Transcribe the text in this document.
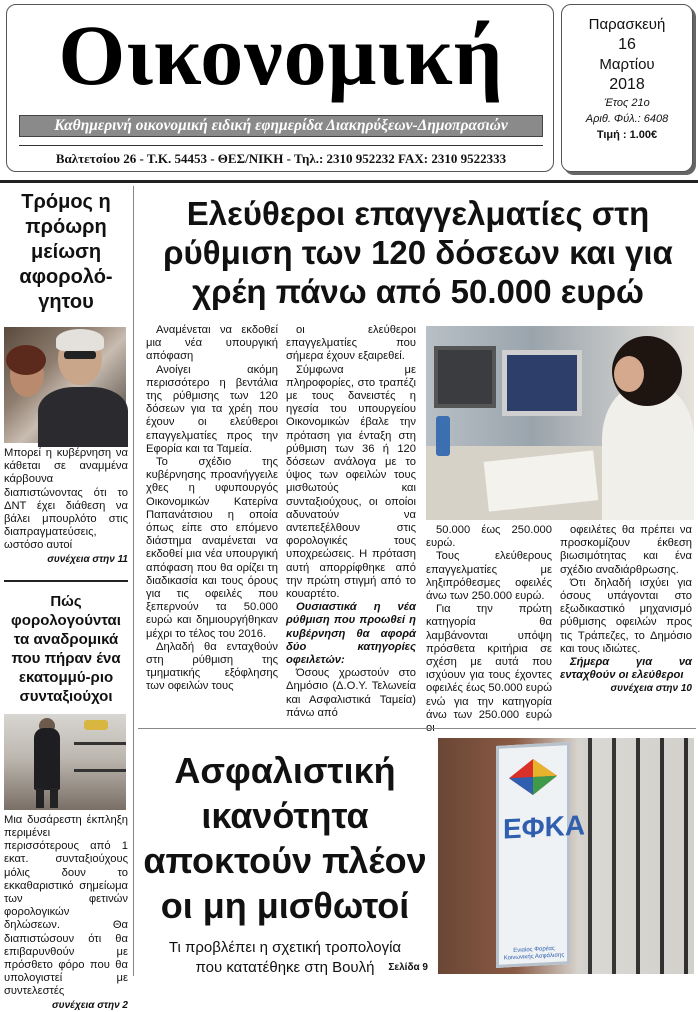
Οικονομική
Καθημερινή οικονομική ειδική εφημερίδα Διακηρύξεων-Δημοπρασιών
Βαλτετσίου 26 - Τ.Κ. 54453 - ΘΕΣ/ΝΙΚΗ - Τηλ.: 2310 952232 FAX: 2310 9522333
Παρασκευή
16
Μαρτίου
2018
Έτος 21ο
Αριθ. Φύλ.: 6408
Τιμή : 1.00€
Τρόμος η πρόωρη μείωση αφορολό-γητου
Μπορεί η κυβέρνηση να κάθεται σε αναμμένα κάρβουνα διαπιστώνοντας ότι το ΔΝΤ έχει διάθεση να βάλει μπουρλότο στις διαπραγματεύσεις, ωστόσο αυτοί
συνέχεια στην 11
Πώς φορολογούνται τα αναδρομικά που πήραν ένα εκατομμύ-ριο συνταξιούχοι
Μια δυσάρεστη έκπληξη περιμένει περισσότερους από 1 εκατ. συνταξιούχους μόλις δουν το εκκαθαριστικό σημείωμα των φετινών φορολογικών δηλώσεων. Θα διαπιστώσουν ότι θα επιβαρυνθούν με πρόσθετο φόρο που θα υπολογιστεί με συντελεστές
συνέχεια στην 2
Ελεύθεροι επαγγελματίες στη ρύθμιση των 120 δόσεων και για χρέη πάνω από 50.000 ευρώ

Αναμένεται να εκδοθεί μια νέα υπουργική απόφαση

Ανοίγει ακόμη περισσότερο η βεντάλια της ρύθμισης των 120 δόσεων για τα χρέη που έχουν οι ελεύθεροι επαγγελματίες προς την Εφορία και τα Ταμεία.

Το σχέδιο της κυβέρνησης προανήγγειλε χθες η υφυπουργός Οικονομικών Κατερίνα Παπανάτσιου η οποία όπως είπε στο επόμενο διάστημα αναμένεται να εκδοθεί μια νέα υπουργική απόφαση που θα ορίζει τη διαδικασία και τους όρους για τις οφειλές που ξεπερνούν τα 50.000 ευρώ και δημιουργήθηκαν μέχρι το τέλος του 2016.

Δηλαδή θα ενταχθούν στη ρύθμιση της τμηματικής εξόφλησης των οφειλών τους

οι ελεύθεροι επαγγελματίες που σήμερα έχουν εξαιρεθεί.

Σύμφωνα με πληροφορίες, στο τραπέζι με τους δανειστές η ηγεσία του υπουργείου Οικονομικών έβαλε την πρόταση για ένταξη στη ρύθμιση των 36 ή 120 δόσεων ανάλογα με το ύψος των οφειλών τους μισθωτούς και συνταξιούχους, οι οποίοι αδυνατούν να αντεπεξέλθουν στις φορολογικές τους υποχρεώσεις. Η πρόταση αυτή απορρίφθηκε από την πρώτη στιγμή από το κουαρτέτο.

Ουσιαστικά η νέα ρύθμιση που προωθεί η κυβέρνηση θα αφορά δύο κατηγορίες οφειλετών:

Όσους χρωστούν στο Δημόσιο (Δ.Ο.Υ. Τελωνεία και Ασφαλιστικά Ταμεία) πάνω από

50.000 έως 250.000 ευρώ.

Τους ελεύθερους επαγγελματίες με ληξιπρόθεσμες οφειλές άνω των 250.000 ευρώ.

Για την πρώτη κατηγορία θα λαμβάνονται υπόψη πρόσθετα κριτήρια σε σχέση με αυτά που ισχύουν για τους έχοντες οφειλές έως 50.000 ευρώ ενώ για την κατηγορία άνω των 250.000 ευρώ οι

οφειλέτες θα πρέπει να προσκομίζουν έκθεση βιωσιμότητας και ένα σχέδιο αναδιάρθρωσης.

Ότι δηλαδή ισχύει για όσους υπάγονται στο εξωδικαστικό μηχανισμό ρύθμισης οφειλών προς τις Τράπεζες, το Δημόσιο και τους ιδιώτες.

Σήμερα για να ενταχθούν οι ελεύθεροι

συνέχεια στην 10
Ασφαλιστική ικανότητα αποκτούν πλέον οι μη μισθωτοί
Τι προβλέπει η σχετική τροπολογία
που κατατέθηκε στη Βουλή	Σελίδα 9
ΕΦΚΑ
Ενιαίος Φορέας Κοινωνικής Ασφάλισης
